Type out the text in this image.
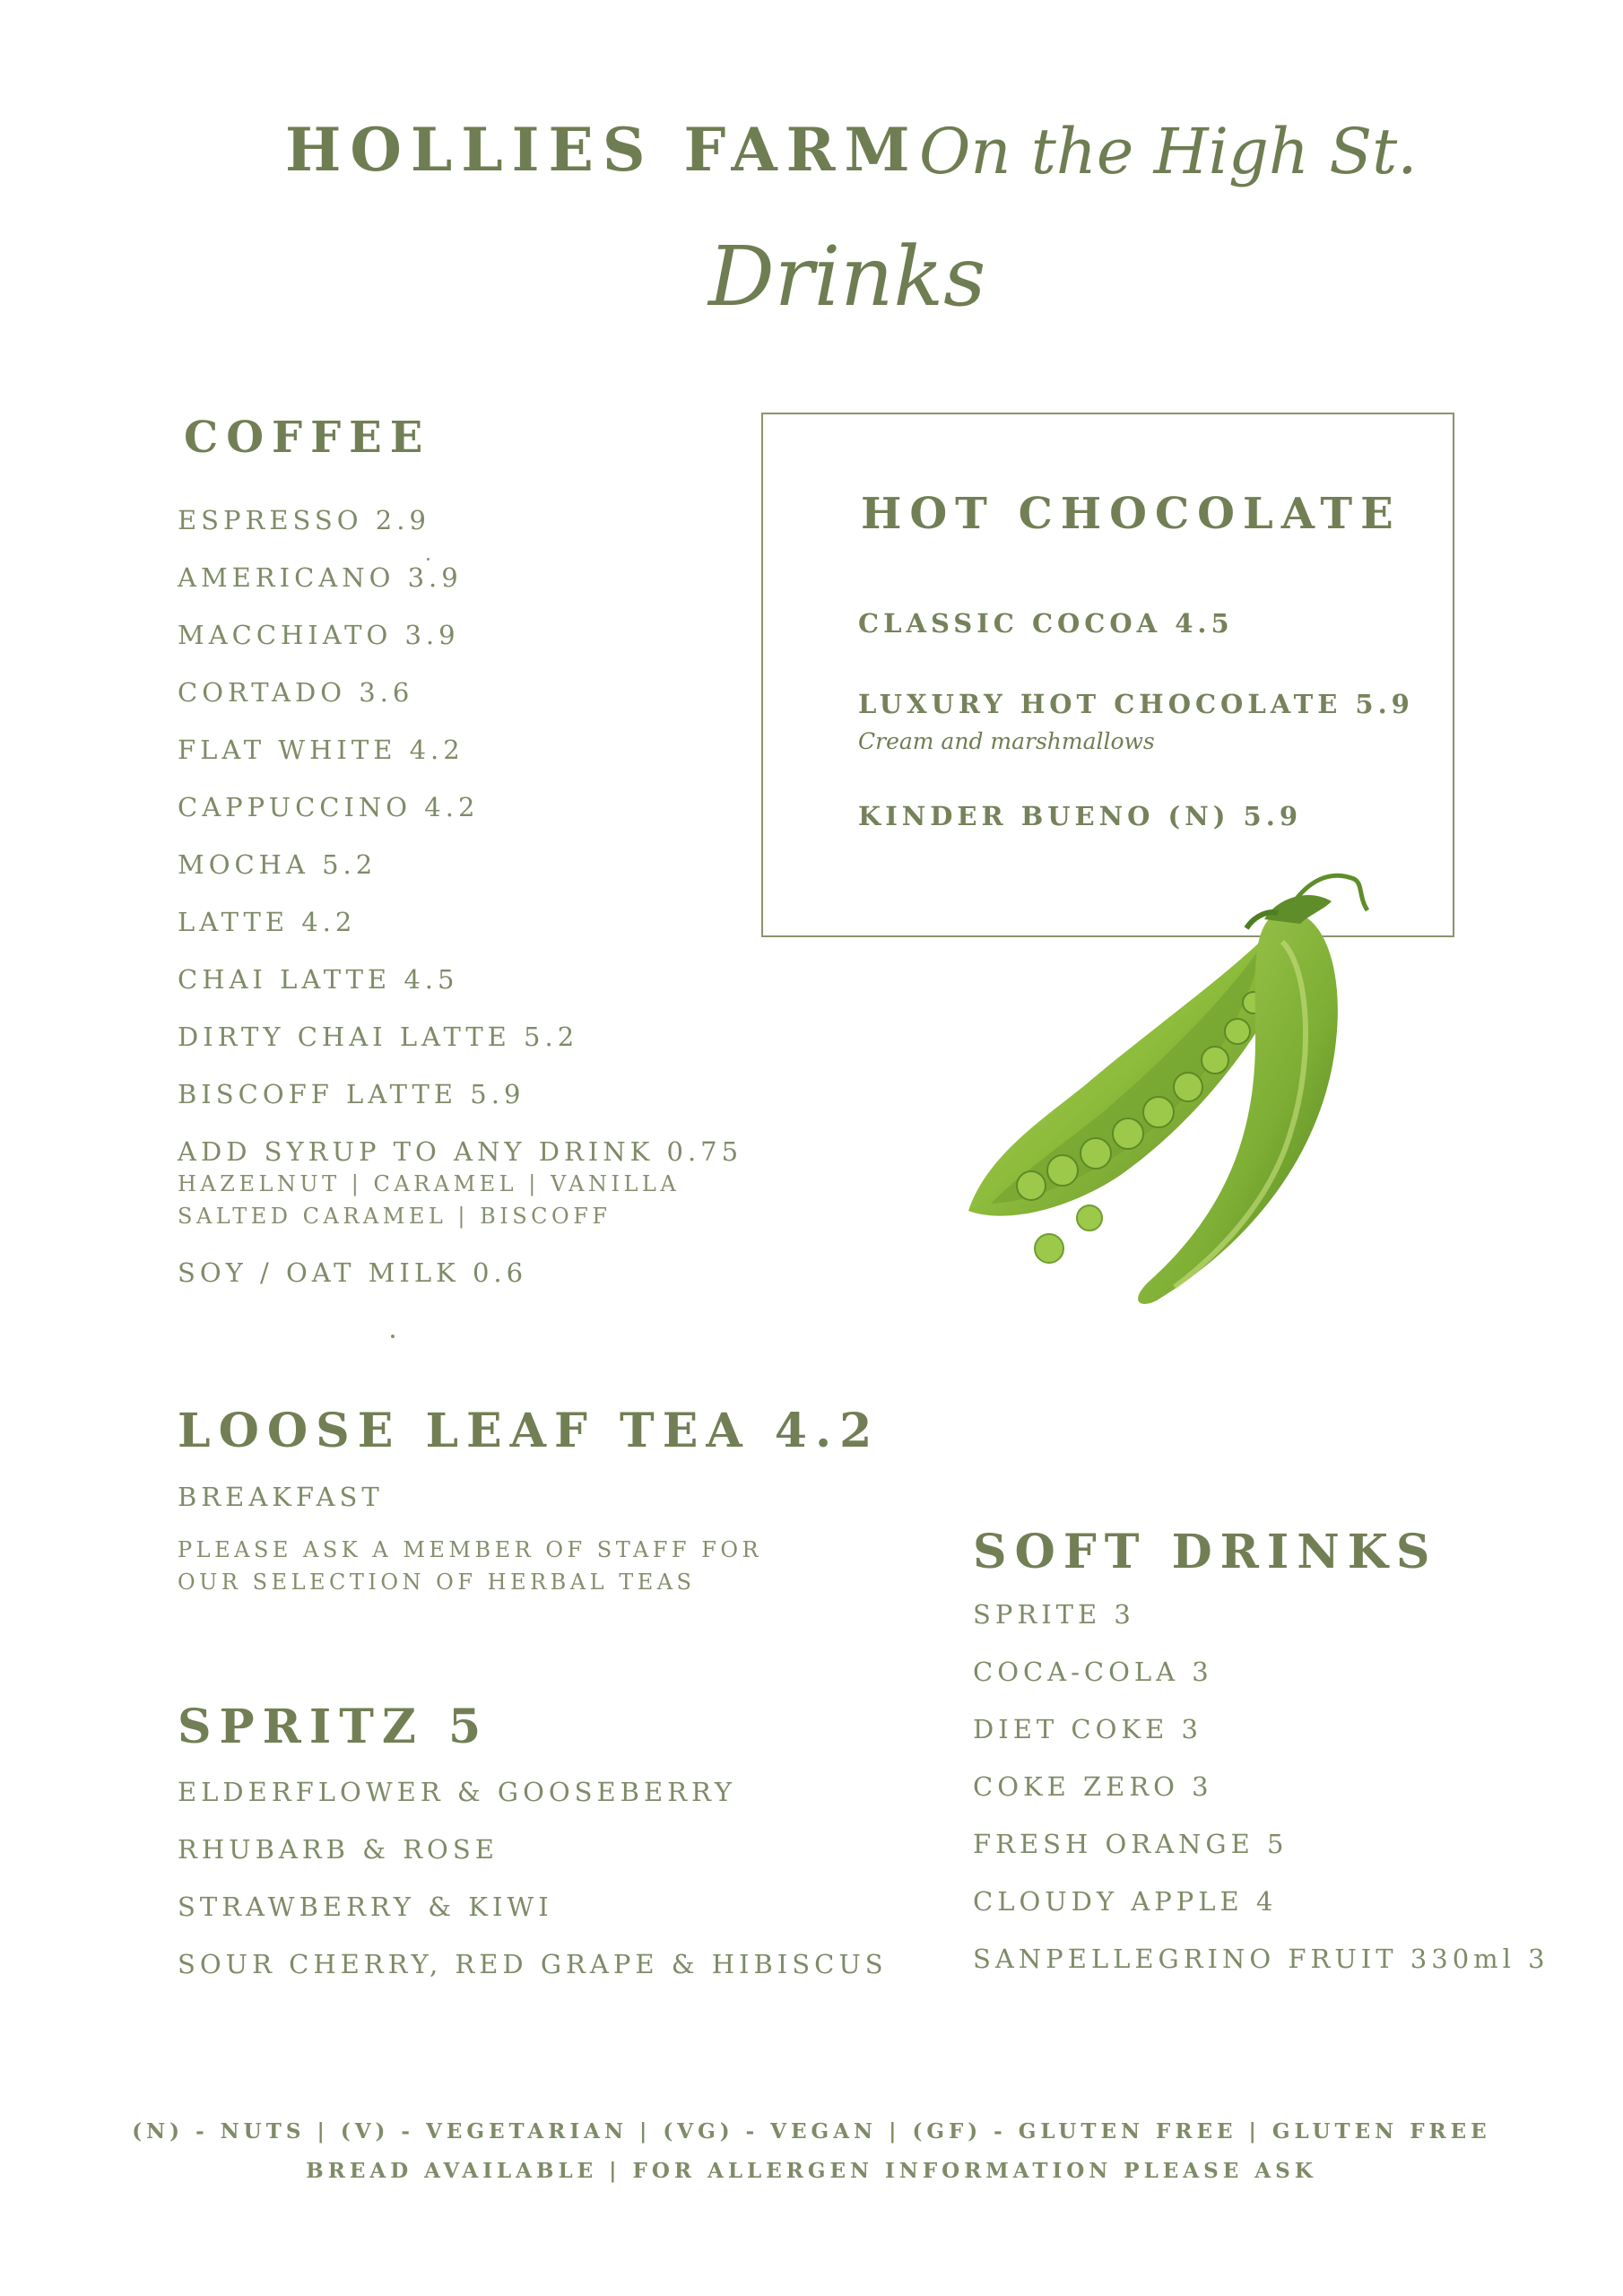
HOLLIES FARM On the High St.
Drinks
COFFEE
ESPRESSO 2.9
AMERICANO 3.9
MACCHIATO 3.9
CORTADO 3.6
FLAT WHITE 4.2
CAPPUCCINO 4.2
MOCHA 5.2
LATTE 4.2
CHAI LATTE 4.5
DIRTY CHAI LATTE 5.2
BISCOFF LATTE 5.9
ADD SYRUP TO ANY DRINK 0.75
HAZELNUT | CARAMEL | VANILLA
SALTED CARAMEL | BISCOFF
SOY / OAT MILK 0.6
HOT CHOCOLATE
CLASSIC COCOA 4.5
LUXURY HOT CHOCOLATE 5.9
Cream and marshmallows
KINDER BUENO (N) 5.9
LOOSE LEAF TEA 4.2
BREAKFAST
PLEASE ASK A MEMBER OF STAFF FOR
OUR SELECTION OF HERBAL TEAS
SPRITZ 5
ELDERFLOWER & GOOSEBERRY
RHUBARB & ROSE
STRAWBERRY & KIWI
SOUR CHERRY, RED GRAPE & HIBISCUS
SOFT DRINKS
SPRITE 3
COCA-COLA 3
DIET COKE 3
COKE ZERO 3
FRESH ORANGE 5
CLOUDY APPLE 4
SANPELLEGRINO FRUIT 330ml 3
(N) - NUTS | (V) - VEGETARIAN | (VG) - VEGAN | (GF) - GLUTEN FREE | GLUTEN FREE
BREAD AVAILABLE | FOR ALLERGEN INFORMATION PLEASE ASK
